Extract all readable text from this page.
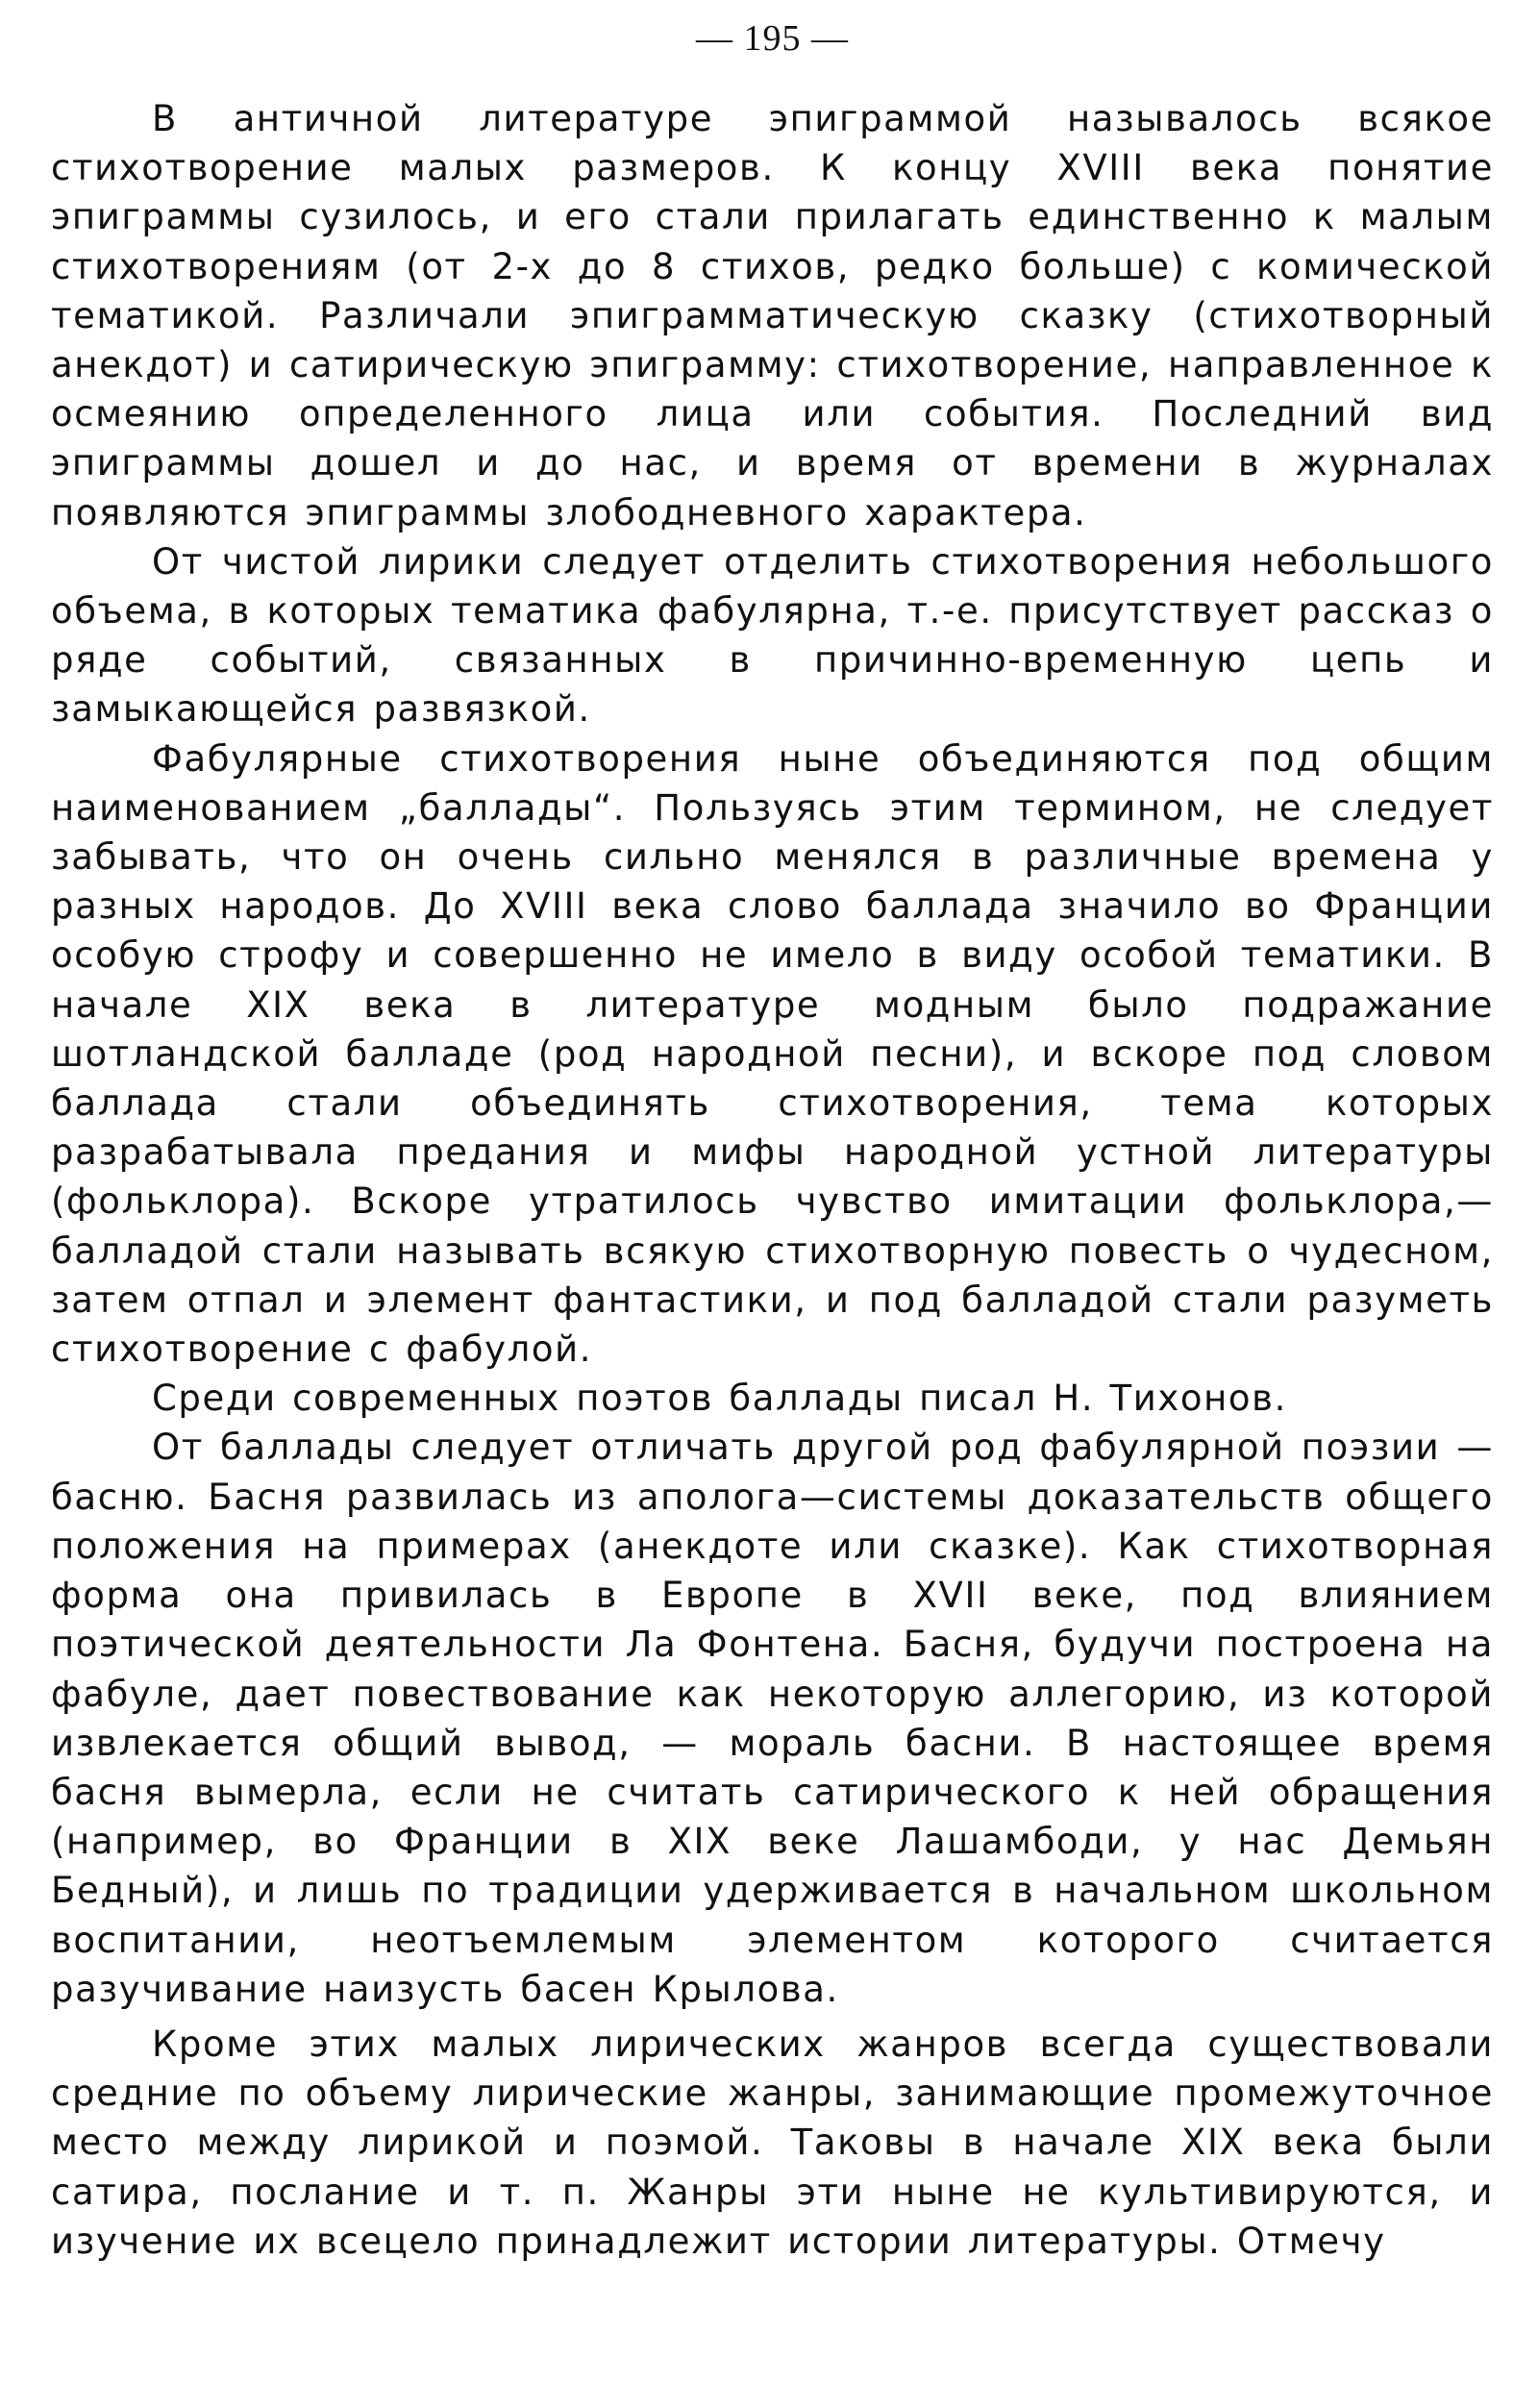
— 195 —

В античной литературе эпиграммой называлось всякое стихотворение малых размеров. К концу XVIII века понятие эпиграммы сузилось, и его стали прилагать единственно к малым стихотворениям (от 2-х до 8 стихов, редко больше) с комической тематикой. Различали эпиграмматическую сказку (стихотворный анекдот) и сатирическую эпиграмму: стихотворение, направленное к осмеянию определенного лица или события. Последний вид эпиграммы дошел и до нас, и время от времени в журналах появляются эпиграммы злободневного характера.

От чистой лирики следует отделить стихотворения небольшого объема, в которых тематика фабулярна, т.-е. присутствует рассказ о ряде событий, связанных в причинно-временную цепь и замыкающейся развязкой.

Фабулярные стихотворения ныне объединяются под общим наименованием „баллады“. Пользуясь этим термином, не следует забывать, что он очень сильно менялся в различные времена у разных народов. До XVIII века слово баллада значило во Франции особую строфу и совершенно не имело в виду особой тематики. В начале XIX века в литературе модным было подражание шотландской балладе (род народной песни), и вскоре под словом баллада стали объединять стихотворения, тема которых разрабатывала предания и мифы народной устной литературы (фольклора). Вскоре утратилось чувство имитации фольклора,—балладой стали называть всякую стихотворную повесть о чудесном, затем отпал и элемент фантастики, и под балладой стали разуметь стихотворение с фабулой.

Среди современных поэтов баллады писал Н. Тихонов.

От баллады следует отличать другой род фабулярной поэзии — басню. Басня развилась из аполога—системы доказательств общего положения на примерах (анекдоте или сказке). Как стихотворная форма она привилась в Европе в XVII веке, под влиянием поэтической деятельности Ла Фонтена. Басня, будучи построена на фабуле, дает повествование как некоторую аллегорию, из которой извлекается общий вывод, — мораль басни. В настоящее время басня вымерла, если не считать сатирического к ней обращения (например, во Франции в XIX веке Лашамбоди, у нас Демьян Бедный), и лишь по традиции удерживается в начальном школьном воспитании, неотъемлемым элементом которого считается разучивание наизусть басен Крылова.

Кроме этих малых лирических жанров всегда существовали средние по объему лирические жанры, занимающие промежуточное место между лирикой и поэмой. Таковы в начале XIX века были сатира, послание и т. п. Жанры эти ныне не культивируются, и изучение их всецело принадлежит истории литературы. Отмечу
